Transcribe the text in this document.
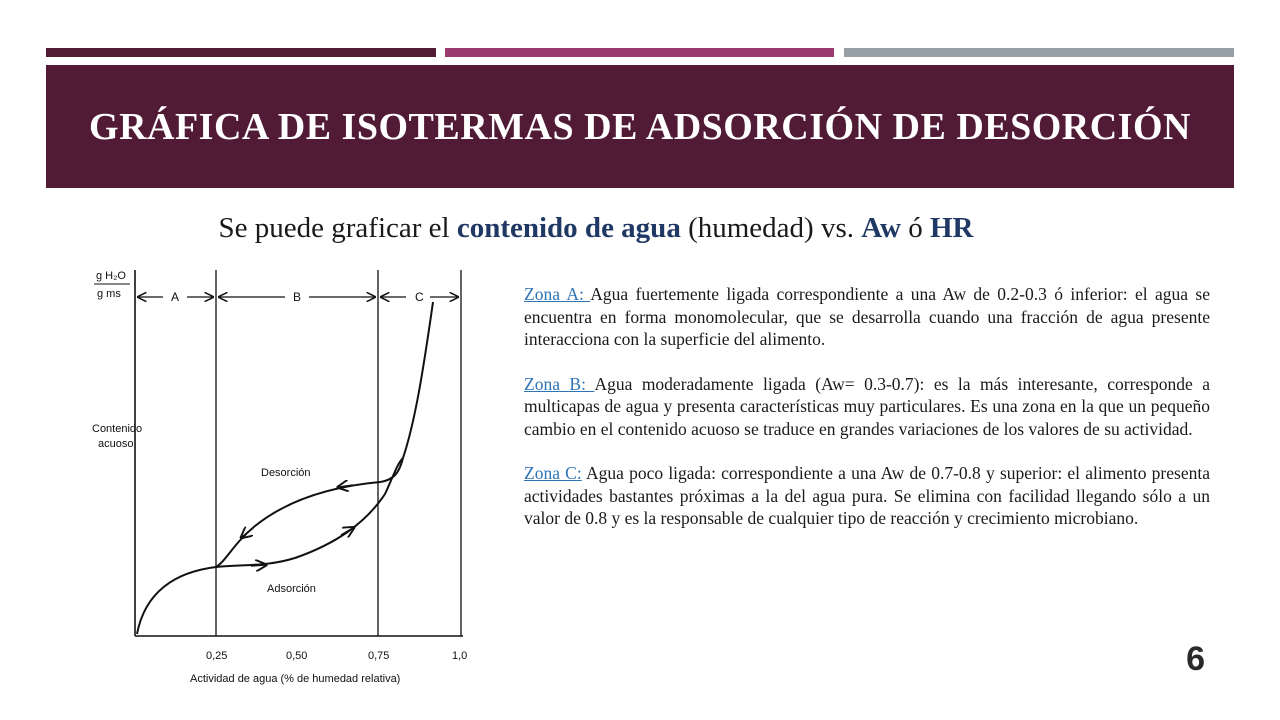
GRÁFICA DE ISOTERMAS DE ADSORCIÓN DE DESORCIÓN
Se puede graficar el contenido de agua (humedad) vs. Aw ó HR
g H₂O
g ms
Contenido
acuoso
A	B	C
Desorción
Adsorción
0,25	0,50	0,75	1,0
Actividad de agua (% de humedad relativa)

Zona A: Agua fuertemente ligada correspondiente a una Aw de 0.2-0.3 ó inferior: el agua se encuentra en forma monomolecular, que se desarrolla cuando una fracción de agua presente interacciona con la superficie del alimento.

Zona B: Agua moderadamente ligada (Aw= 0.3-0.7): es la más interesante, corresponde a multicapas de agua y presenta características muy particulares. Es una zona en la que un pequeño cambio en el contenido acuoso se traduce en grandes variaciones de los valores de su actividad.

Zona C: Agua poco ligada: correspondiente a una Aw de 0.7-0.8 y superior: el alimento presenta actividades bastantes próximas a la del agua pura. Se elimina con facilidad llegando sólo a un valor de 0.8 y es la responsable de cualquier tipo de reacción y crecimiento microbiano.

6
